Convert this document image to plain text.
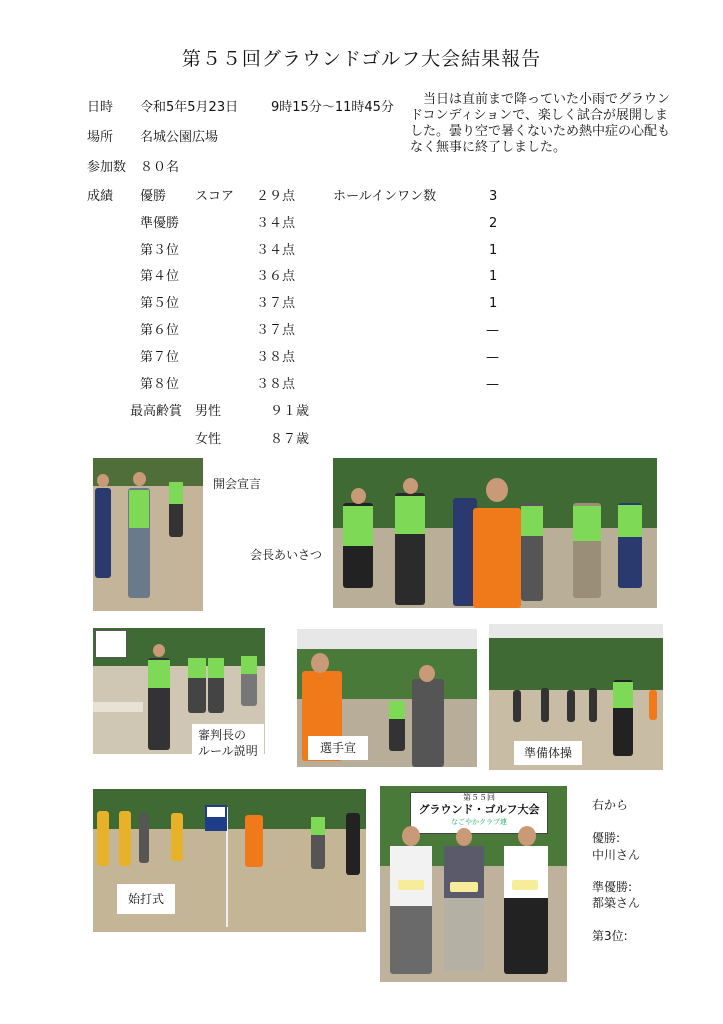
第５５回グラウンドゴルフ大会結果報告
日時 令和5年5月23日	9時15分～11時45分
場所 名城公園広場
参加数 ８０名
　当日は直前まで降っていた小雨でグラウンドコンディションで、楽しく試合が展開しました。曇り空で暑くないため熱中症の心配もなく無事に終了しました。
成績	スコア	ホールインワン数
優勝	２９点	3
準優勝	３４点	2
第３位	３４点	1
第４位	３６点	1
第５位	３７点	1
第６位	３７点	—
第７位	３８点	—
第８位	３８点	—
最高齢賞 男性	９１歳
女性	８７歳
開会宣言
会長あいさつ
審判長の
ルール説明	選手宣	準備体操
始打式
第５５回
グラウンド・ゴルフ大会
なごやかクラブ連
右から
優勝:
中川さん
準優勝:
都築さん
第3位:
